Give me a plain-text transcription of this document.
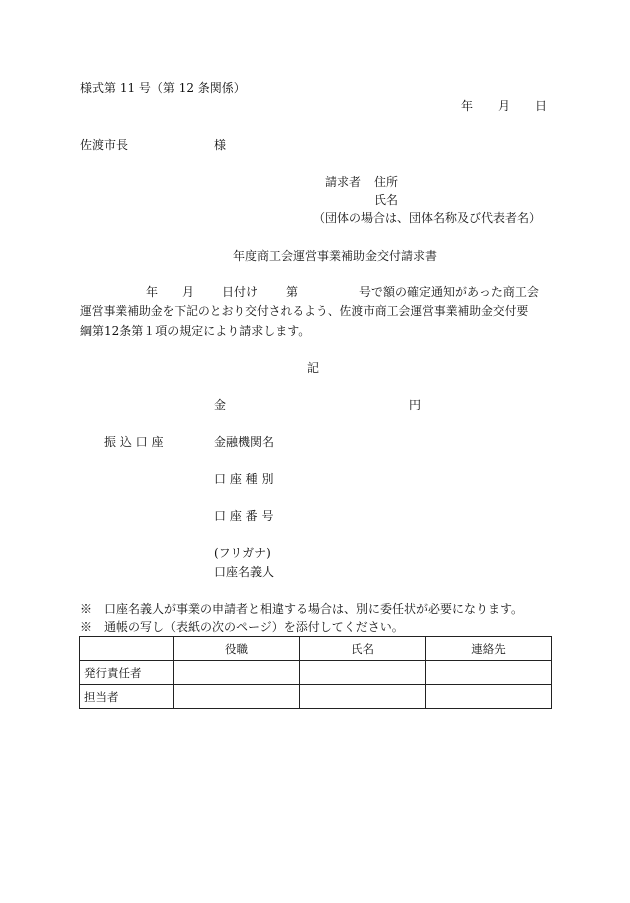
様式第 11 号（第 12 条関係）
年 月 日
佐渡市長	様
請求者 住所
氏名
（団体の場合は、団体名称及び代表者名）
年度商工会運営事業補助金交付請求書
年 月 日付け 第	号で額の確定通知があった商工会
運営事業補助金を下記のとおり交付されるよう、佐渡市商工会運営事業補助金交付要
綱第12条第１項の規定により請求します。
記
金	円
振 込 口 座	金融機関名
口 座 種 別
口 座 番 号
(フリガナ)
口座名義人
※　口座名義人が事業の申請者と相違する場合は、別に委任状が必要になります。
※　通帳の写し（表紙の次のページ）を添付してください。
	役職	氏名	連絡先
発行責任者			
担当者			
